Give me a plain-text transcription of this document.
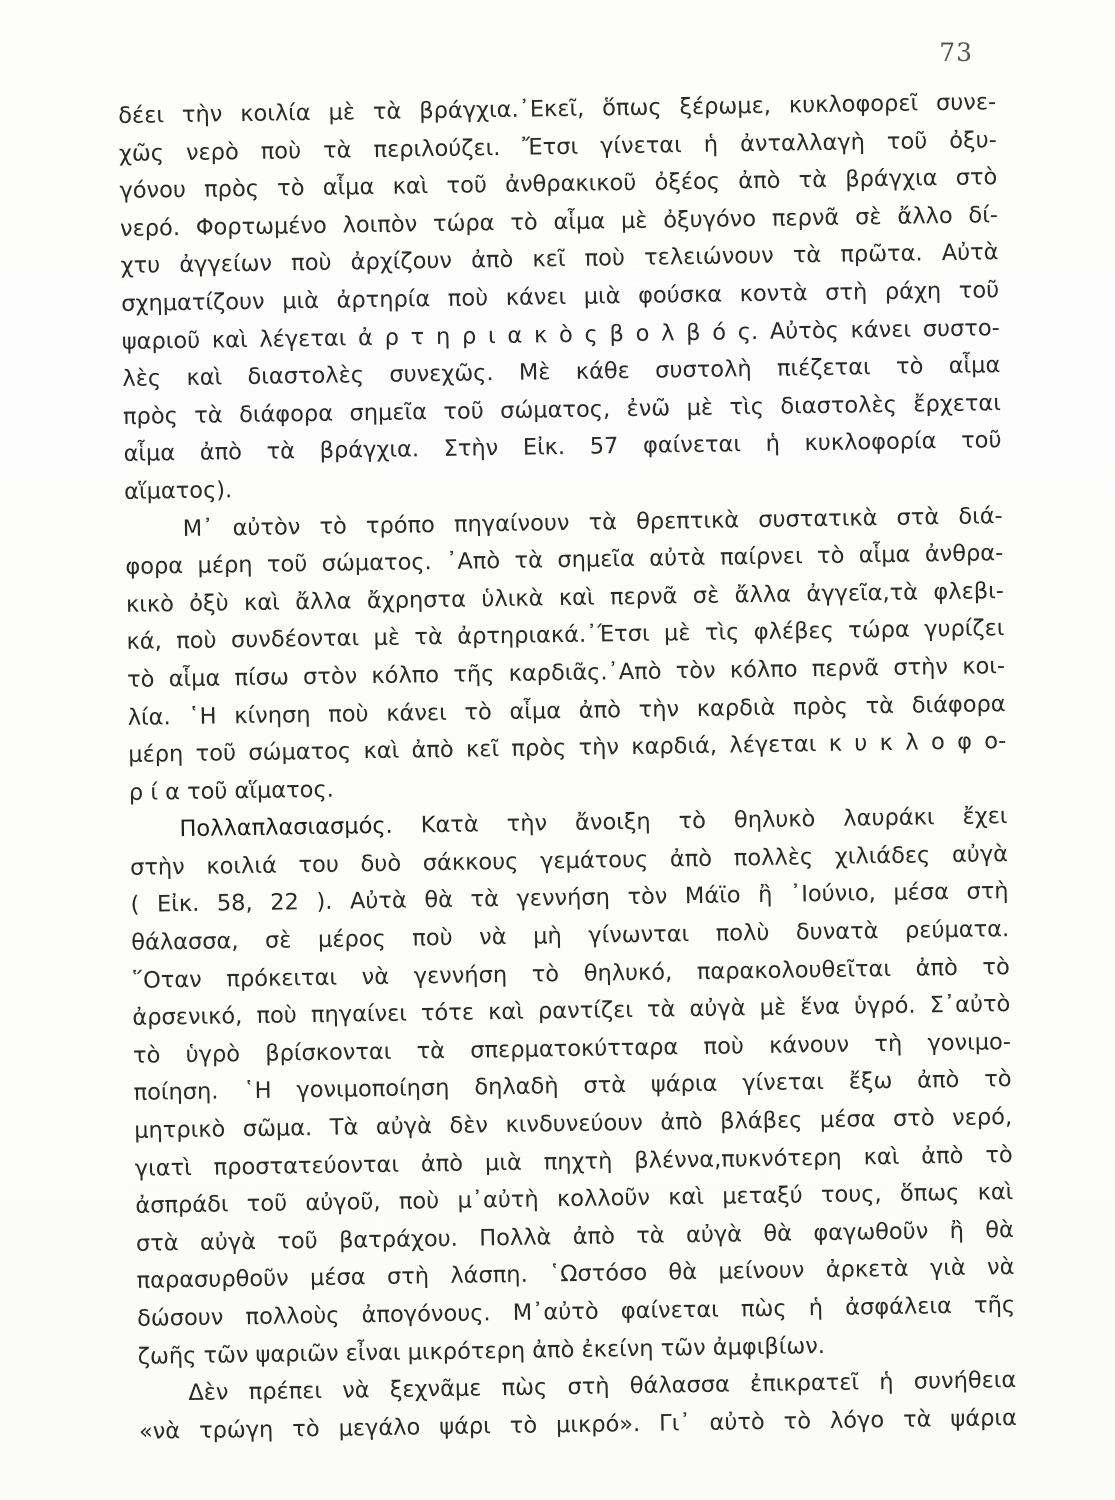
73
δέει τὴν κοιλία μὲ τὰ βράγχια.᾿Εκεῖ, ὅπως ξέρωμε, κυκλοφορεῖ συνε-
χῶς νερὸ ποὺ τὰ περιλούζει. Ἔτσι γίνεται ἡ ἀνταλλαγὴ τοῦ ὀξυ-
γόνου πρὸς τὸ αἷμα καὶ τοῦ ἀνθρακικοῦ ὀξέος ἀπὸ τὰ βράγχια στὸ
νερό. Φορτωμένο λοιπὸν τώρα τὸ αἷμα μὲ ὀξυγόνο περνᾶ σὲ ἄλλο δί-
χτυ ἀγγείων ποὺ ἀρχίζουν ἀπὸ κεῖ ποὺ τελειώνουν τὰ πρῶτα. Αὐτὰ
σχηματίζουν μιὰ ἀρτηρία ποὺ κάνει μιὰ φούσκα κοντὰ στὴ ράχη τοῦ
ψαριοῦ καὶ λέγεται ἀ ρ τ η ρ ι α κ ὸ ς β ο λ β ό ς. Αὐτὸς κάνει συστο-
λὲς καὶ διαστολὲς συνεχῶς. Μὲ κάθε συστολὴ πιέζεται τὸ αἷμα
πρὸς τὰ διάφορα σημεῖα τοῦ σώματος, ἐνῶ μὲ τὶς διαστολὲς ἔρχεται
αἷμα ἀπὸ τὰ βράγχια. Στὴν Εἰκ. 57 φαίνεται ἡ κυκλοφορία τοῦ
αἵματος).
Μ᾿ αὐτὸν τὸ τρόπο πηγαίνουν τὰ θρεπτικὰ συστατικὰ στὰ διά-
φορα μέρη τοῦ σώματος. ᾿Απὸ τὰ σημεῖα αὐτὰ παίρνει τὸ αἷμα ἀνθρα-
κικὸ ὀξὺ καὶ ἄλλα ἄχρηστα ὑλικὰ καὶ περνᾶ σὲ ἄλλα ἀγγεῖα,τὰ φλεβι-
κά, ποὺ συνδέονται μὲ τὰ ἀρτηριακά.᾿Έτσι μὲ τὶς φλέβες τώρα γυρίζει
τὸ αἷμα πίσω στὸν κόλπο τῆς καρδιᾶς.᾿Απὸ τὸν κόλπο περνᾶ στὴν κοι-
λία. ῾Η κίνηση ποὺ κάνει τὸ αἷμα ἀπὸ τὴν καρδιὰ πρὸς τὰ διάφορα
μέρη τοῦ σώματος καὶ ἀπὸ κεῖ πρὸς τὴν καρδιά, λέγεται κ υ κ λ ο φ ο-
ρ ί α τοῦ αἵματος.
Πολλαπλασιασμός. Κατὰ τὴν ἄνοιξη τὸ θηλυκὸ λαυράκι ἔχει
στὴν κοιλιά του δυὸ σάκκους γεμάτους ἀπὸ πολλὲς χιλιάδες αὐγὰ
( Εἰκ. 58, 22 ). Αὐτὰ θὰ τὰ γεννήση τὸν Μάϊο ἢ ᾿Ιούνιο, μέσα στὴ
θάλασσα, σὲ μέρος ποὺ νὰ μὴ γίνωνται πολὺ δυνατὰ ρεύματα.
῞Οταν πρόκειται νὰ γεννήση τὸ θηλυκό, παρακολουθεῖται ἀπὸ τὸ
ἀρσενικό, ποὺ πηγαίνει τότε καὶ ραντίζει τὰ αὐγὰ μὲ ἕνα ὑγρό. Σ᾿αὐτὸ
τὸ ὑγρὸ βρίσκονται τὰ σπερματοκύτταρα ποὺ κάνουν τὴ γονιμο-
ποίηση. ῾Η γονιμοποίηση δηλαδὴ στὰ ψάρια γίνεται ἔξω ἀπὸ τὸ
μητρικὸ σῶμα. Τὰ αὐγὰ δὲν κινδυνεύουν ἀπὸ βλάβες μέσα στὸ νερό,
γιατὶ προστατεύονται ἀπὸ μιὰ πηχτὴ βλέννα,πυκνότερη καὶ ἀπὸ τὸ
ἀσπράδι τοῦ αὐγοῦ, ποὺ μ᾿αὐτὴ κολλοῦν καὶ μεταξύ τους, ὅπως καὶ
στὰ αὐγὰ τοῦ βατράχου. Πολλὰ ἀπὸ τὰ αὐγὰ θὰ φαγωθοῦν ἢ θὰ
παρασυρθοῦν μέσα στὴ λάσπη. ῾Ωστόσο θὰ μείνουν ἀρκετὰ γιὰ νὰ
δώσουν πολλοὺς ἀπογόνους. Μ᾿αὐτὸ φαίνεται πὼς ἡ ἀσφάλεια τῆς
ζωῆς τῶν ψαριῶν εἶναι μικρότερη ἀπὸ ἐκείνη τῶν ἀμφιβίων.
Δὲν πρέπει νὰ ξεχνᾶμε πὼς στὴ θάλασσα ἐπικρατεῖ ἡ συνήθεια
«νὰ τρώγη τὸ μεγάλο ψάρι τὸ μικρό». Γι᾿ αὐτὸ τὸ λόγο τὰ ψάρια
